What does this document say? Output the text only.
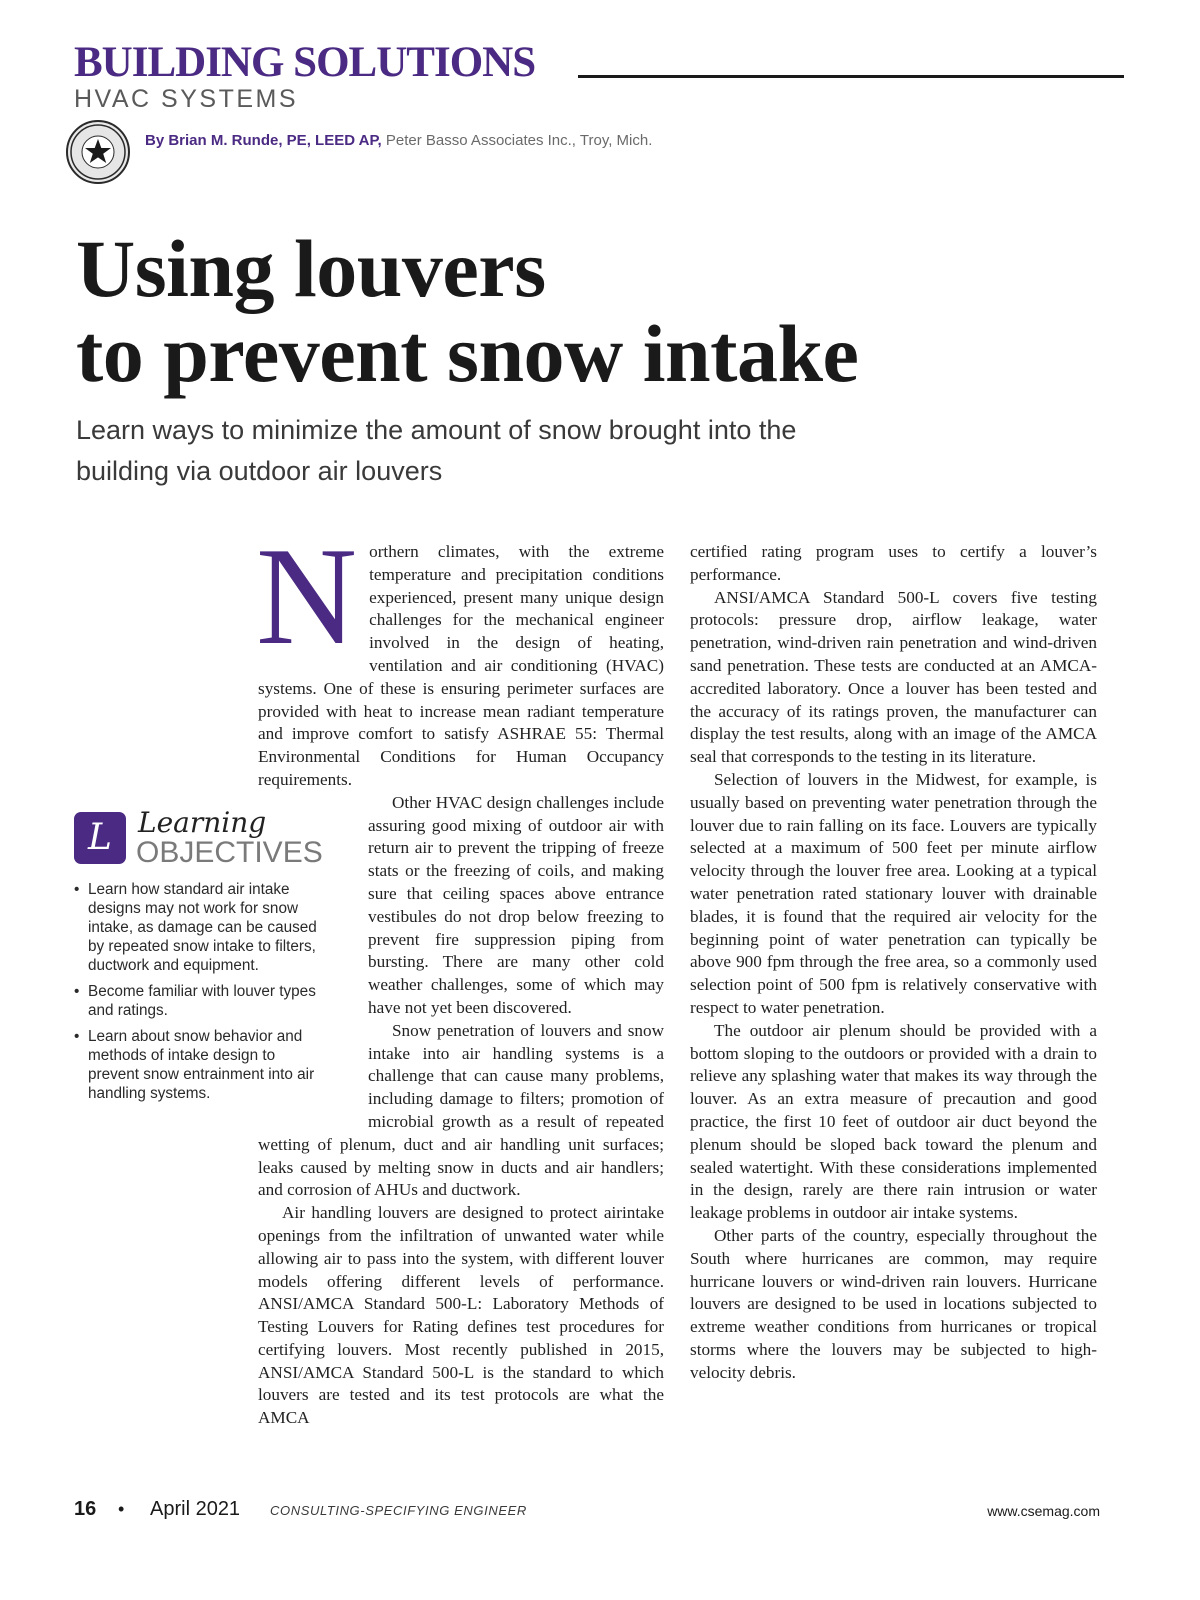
BUILDING SOLUTIONS
HVAC SYSTEMS
By Brian M. Runde, PE, LEED AP, Peter Basso Associates Inc., Troy, Mich.
Using louvers
to prevent snow intake
Learn ways to minimize the amount of snow brought into the building via outdoor air louvers
N orthern climates, with the extreme temperature and precipitation conditions experienced, present many unique design challenges for the mechanical engineer involved in the design of heating, ventilation and air conditioning (HVAC) systems. One of these is ensuring perimeter surfaces are provided with heat to increase mean radiant temperature and improve comfort to satisfy ASHRAE 55: Thermal Environmental Conditions for Human Occupancy requirements.

Other HVAC design challenges include assuring good mixing of outdoor air with return air to prevent the tripping of freeze stats or the freezing of coils, and making sure that ceiling spaces above entrance vestibules do not drop below freezing to prevent fire suppression piping from bursting. There are many other cold weather challenges, some of which may have not yet been discovered.

Snow penetration of louvers and snow intake into air handling systems is a challenge that can cause many problems, including damage to filters; promotion of microbial growth as a result of repeated wetting of plenum, duct and air handling unit surfaces; leaks caused by melting snow in ducts and air handlers; and corrosion of AHUs and ductwork.

Air handling louvers are designed to protect airintake openings from the infiltration of unwanted water while allowing air to pass into the system, with different louver models offering different levels of performance. ANSI/AMCA Standard 500-L: Laboratory Methods of Testing Louvers for Rating defines test procedures for certifying louvers. Most recently published in 2015, ANSI/AMCA Standard 500-L is the standard to which louvers are tested and its test protocols are what the AMCA

L Learning
OBJECTIVES
• Learn how standard air intake designs may not work for snow intake, as damage can be caused by repeated snow intake to filters, ductwork and equipment.
• Become familiar with louver types and ratings.
• Learn about snow behavior and methods of intake design to prevent snow entrainment into air handling systems.

certified rating program uses to certify a louver’s performance.

ANSI/AMCA Standard 500-L covers five testing protocols: pressure drop, airflow leakage, water penetration, wind-driven rain penetration and wind-driven sand penetration. These tests are conducted at an AMCA-accredited laboratory. Once a louver has been tested and the accuracy of its ratings proven, the manufacturer can display the test results, along with an image of the AMCA seal that corresponds to the testing in its literature.

Selection of louvers in the Midwest, for example, is usually based on preventing water penetration through the louver due to rain falling on its face. Louvers are typically selected at a maximum of 500 feet per minute airflow velocity through the louver free area. Looking at a typical water penetration rated stationary louver with drainable blades, it is found that the required air velocity for the beginning point of water penetration can typically be above 900 fpm through the free area, so a commonly used selection point of 500 fpm is relatively conservative with respect to water penetration.

The outdoor air plenum should be provided with a bottom sloping to the outdoors or provided with a drain to relieve any splashing water that makes its way through the louver. As an extra measure of precaution and good practice, the first 10 feet of outdoor air duct beyond the plenum should be sloped back toward the plenum and sealed watertight. With these considerations implemented in the design, rarely are there rain intrusion or water leakage problems in outdoor air intake systems.

Other parts of the country, especially throughout the South where hurricanes are common, may require hurricane louvers or wind-driven rain louvers. Hurricane louvers are designed to be used in locations subjected to extreme weather conditions from hurricanes or tropical storms where the louvers may be subjected to high-velocity debris.

16 • April 2021 CONSULTING-SPECIFYING ENGINEER	www.csemag.com
